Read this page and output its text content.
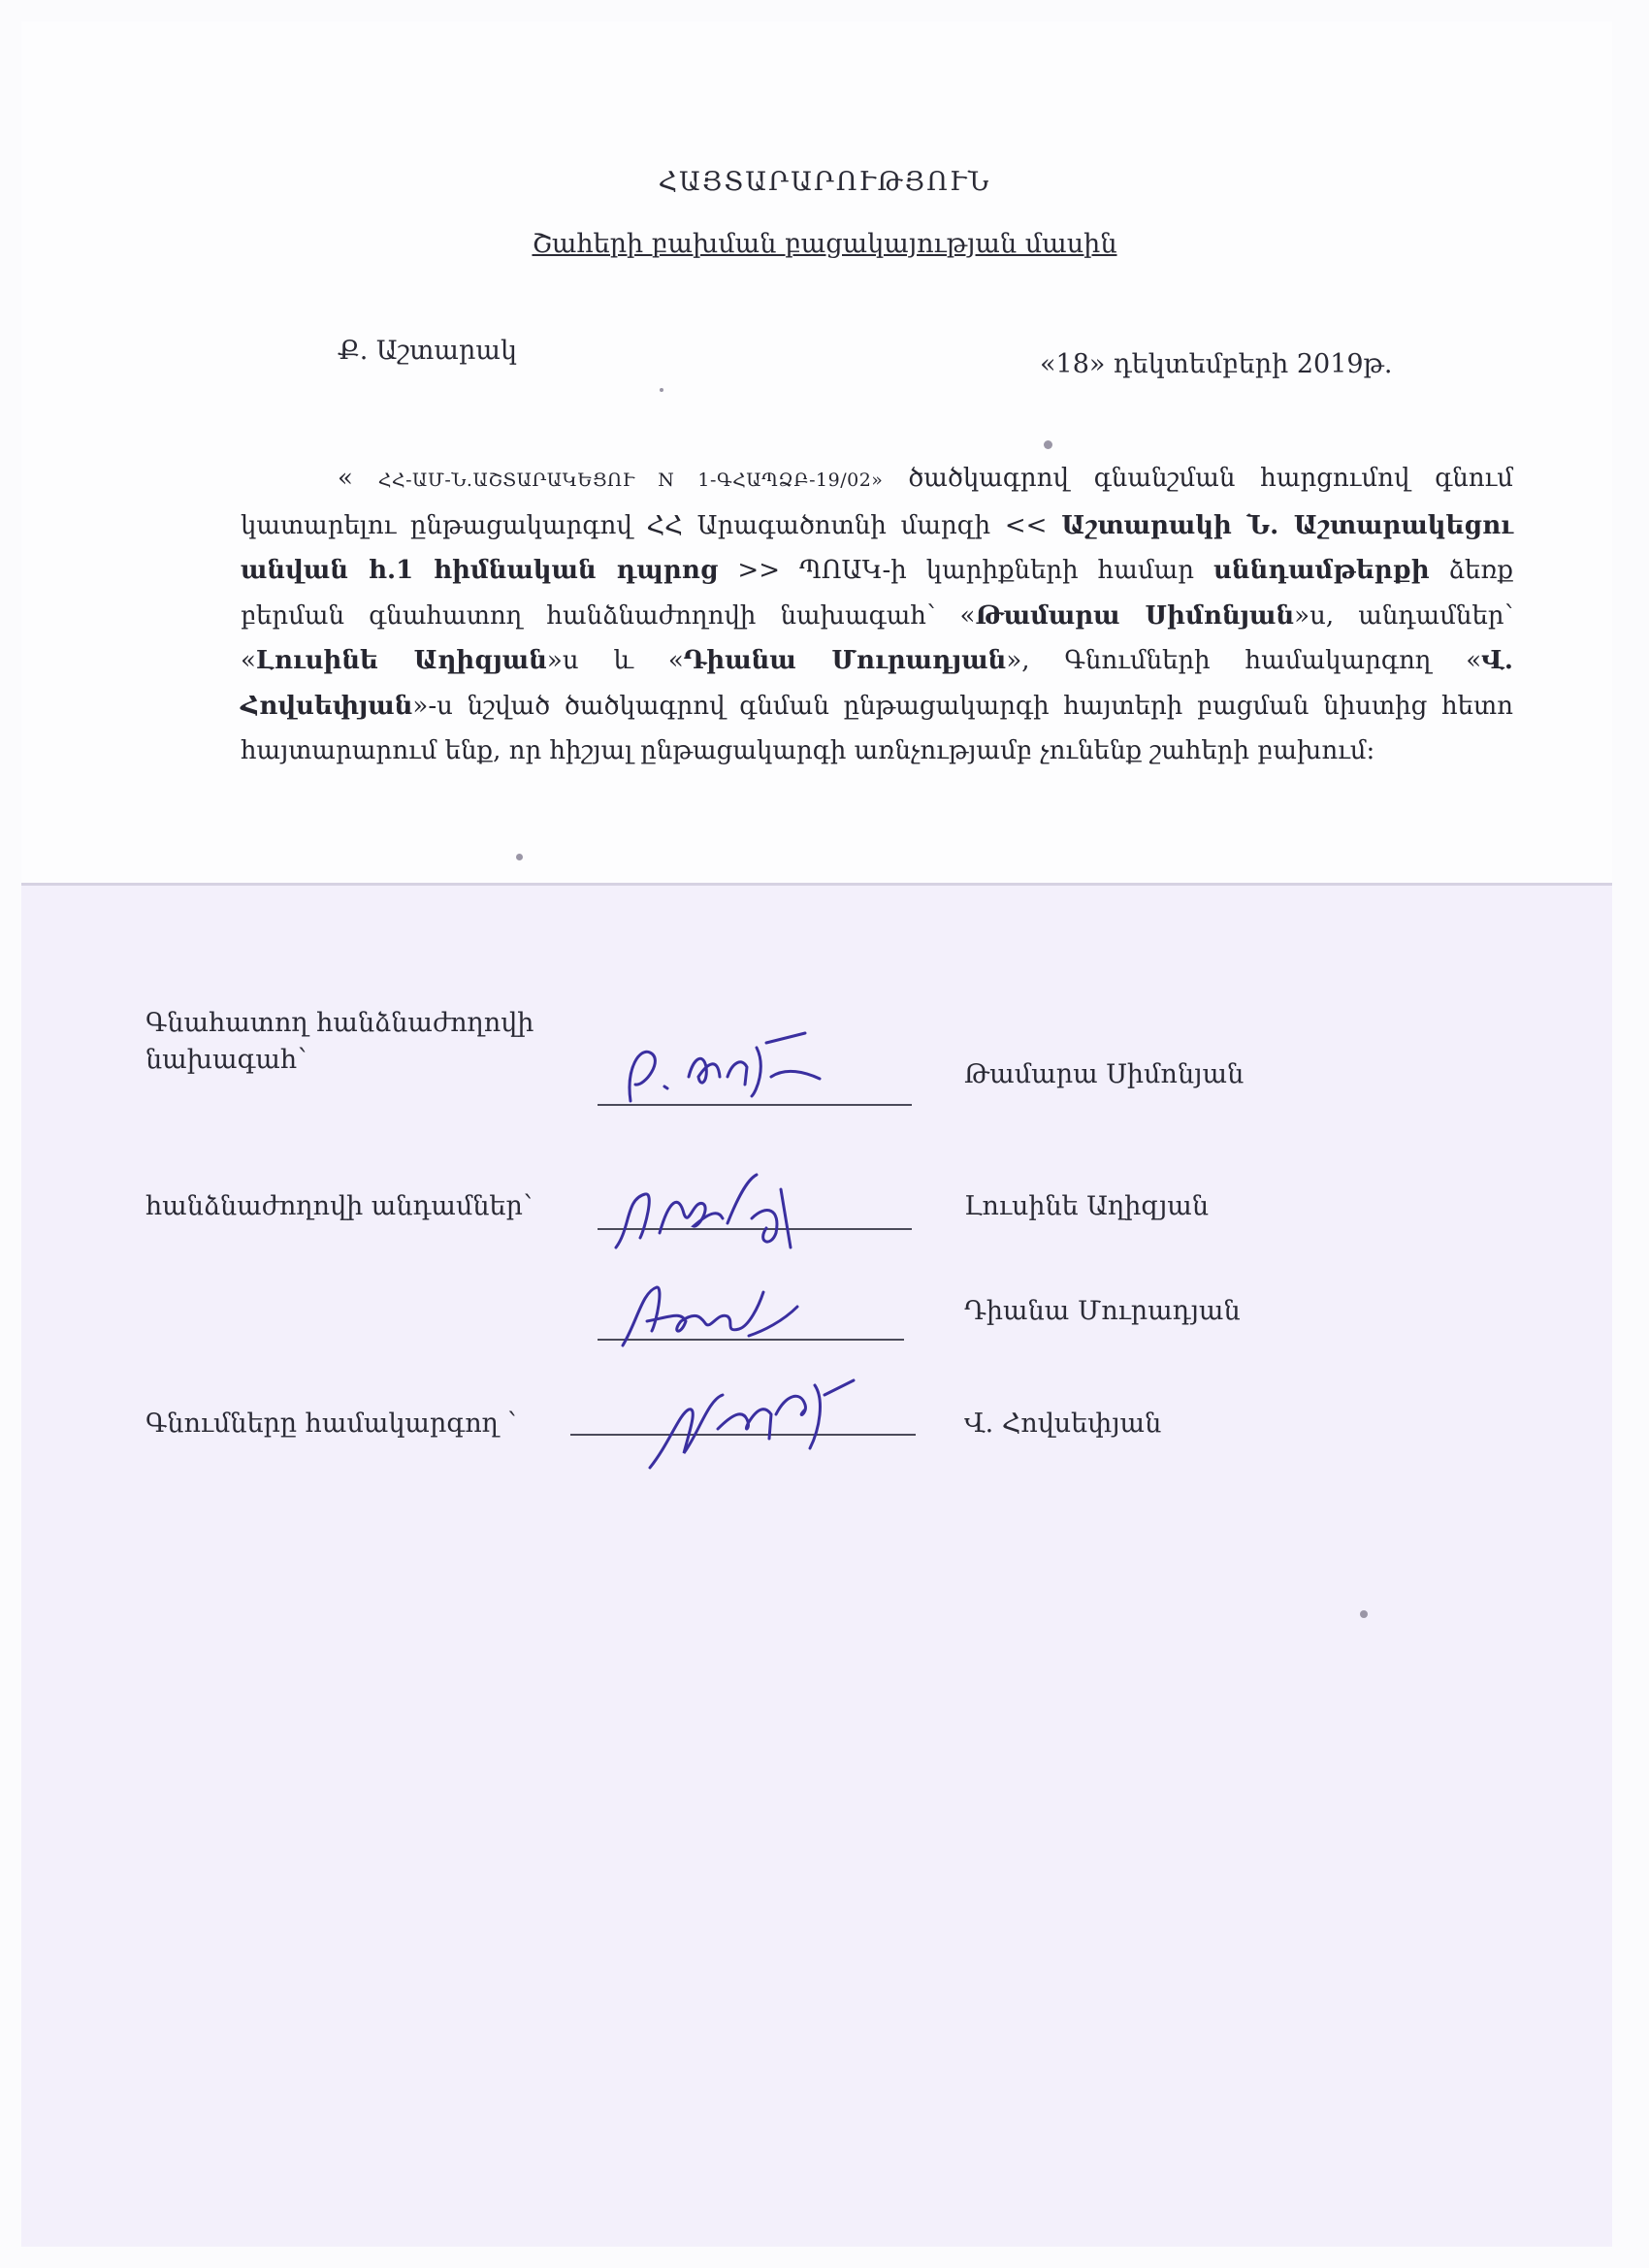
ՀԱՅՏԱՐԱՐՈՒԹՅՈՒՆ
Շահերի բախման բացակայության մասին
Ք. Աշտարակ	«18» դեկտեմբերի 2019թ.
« ՀՀ-ԱՄ-Ն.ԱՇՏԱՐԱԿԵՑՈՒ N 1-ԳՀԱՊՁԲ-19/02» ծածկագրով գնանշման հարցումով գնում կատարելու ընթացակարգով ՀՀ Արագածոտնի մարզի << Աշտարակի Ն. Աշտարակեցու անվան հ.1 հիմնական դպրոց >> ՊՈԱԿ-ի կարիքների համար սննդամթերքի ձեռք բերման գնահատող հանձնաժողովի նախագահ՝ «Թամարա Սիմոնյան»ս, անդամներ՝ «Լուսինե Աղիզյան»ս և «Դիանա Մուրադյան», Գնումների համակարգող «Վ. Հովսեփյան»-ս նշված ծածկագրով գնման ընթացակարգի հայտերի բացման նիստից հետո հայտարարում ենք, որ հիշյալ ընթացակարգի առնչությամբ չունենք շահերի բախում:
Գնահատող հանձնաժողովի
նախագահ՝	Թամարա Սիմոնյան
հանձնաժողովի անդամներ՝	Լուսինե Աղիզյան
Դիանա Մուրադյան
Գնումները համակարգող ՝	Վ. Հովսեփյան
